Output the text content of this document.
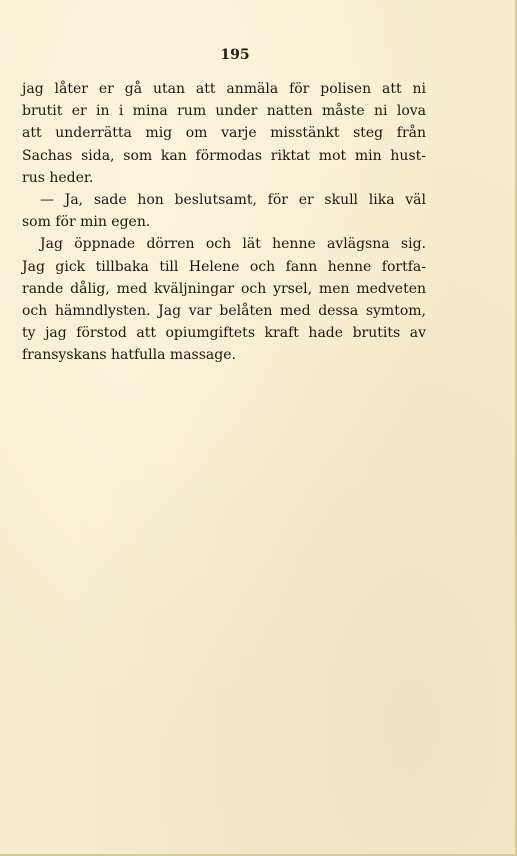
195
jag låter er gå utan att anmäla för polisen att ni
brutit er in i mina rum under natten måste ni lova
att underrätta mig om varje misstänkt steg från
Sachas sida, som kan förmodas riktat mot min hust-
rus heder.
— Ja, sade hon beslutsamt, för er skull lika väl
som för min egen.
Jag öppnade dörren och lät henne avlägsna sig.
Jag gick tillbaka till Helene och fann henne fortfa-
rande dålig, med kväljningar och yrsel, men medveten
och hämndlysten. Jag var belåten med dessa symtom,
ty jag förstod att opiumgiftets kraft hade brutits av
fransyskans hatfulla massage.
